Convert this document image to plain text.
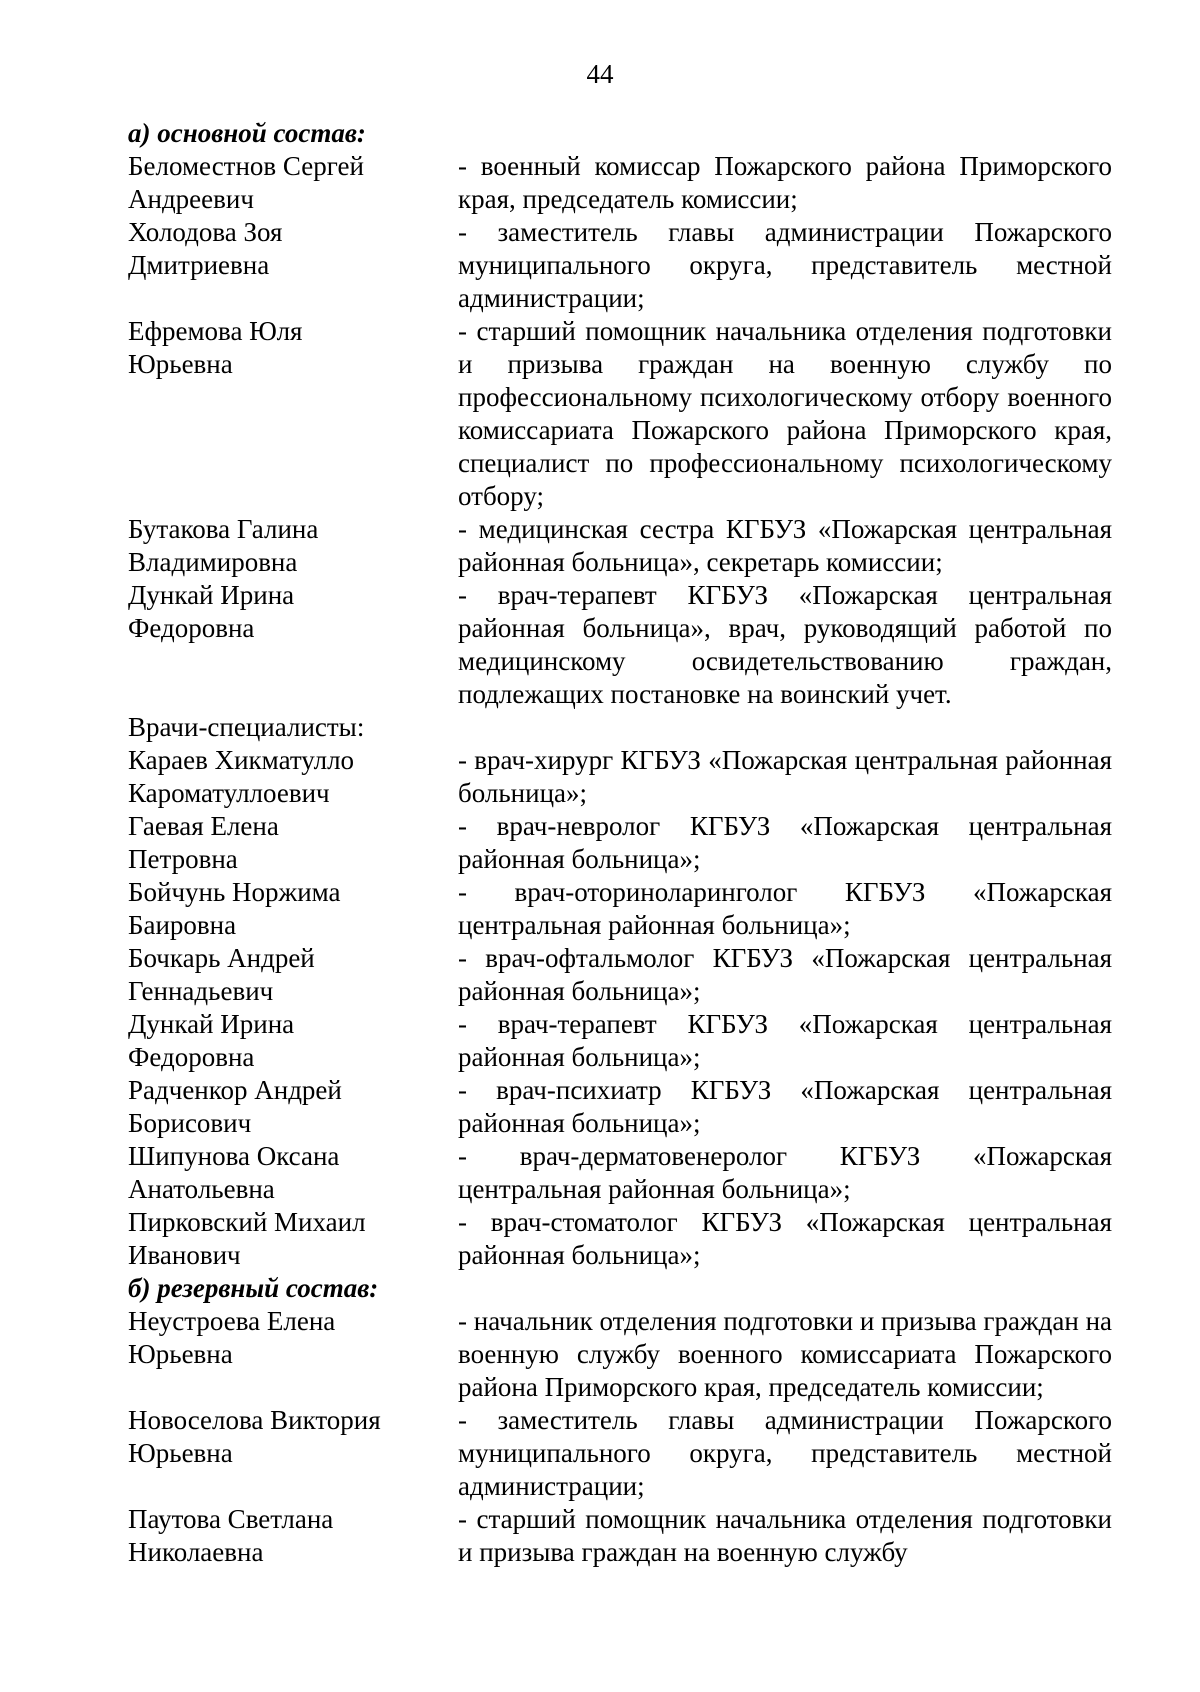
44
а) основной состав:
Беломестнов Сергей
Андреевич
- военный комиссар Пожарского района Приморского края, председатель комиссии;
Холодова Зоя
Дмитриевна
- заместитель главы администрации Пожарского муниципального округа, представитель местной администрации;
Ефремова Юля
Юрьевна
- старший помощник начальника отделения подготовки и призыва граждан на военную службу по профессиональному психологическому отбору военного комиссариата Пожарского района Приморского края, специалист по профессиональному психологическому отбору;
Бутакова Галина
Владимировна
- медицинская сестра КГБУЗ «Пожарская центральная районная больница», секретарь комиссии;
Дункай Ирина
Федоровна
- врач-терапевт КГБУЗ «Пожарская центральная районная больница», врач, руководящий работой по медицинскому освидетельствованию граждан, подлежащих постановке на воинский учет.
Врачи-специалисты:
Караев Хикматулло
Кароматуллоевич
- врач-хирург КГБУЗ «Пожарская центральная районная больница»;
Гаевая Елена
Петровна
- врач-невролог КГБУЗ «Пожарская центральная районная больница»;
Бойчунь Норжима
Баировна
- врач-оториноларинголог КГБУЗ «Пожарская центральная районная больница»;
Бочкарь Андрей
Геннадьевич
- врач-офтальмолог КГБУЗ «Пожарская центральная районная больница»;
Дункай Ирина
Федоровна
- врач-терапевт КГБУЗ «Пожарская центральная районная больница»;
Радченкор Андрей
Борисович
- врач-психиатр КГБУЗ «Пожарская центральная районная больница»;
Шипунова Оксана
Анатольевна
- врач-дерматовенеролог КГБУЗ «Пожарская центральная районная больница»;
Пирковский Михаил
Иванович
- врач-стоматолог КГБУЗ «Пожарская центральная районная больница»;
б) резервный состав:
Неустроева Елена
Юрьевна
- начальник отделения подготовки и призыва граждан на военную службу военного комиссариата Пожарского района Приморского края, председатель комиссии;
Новоселова Виктория
Юрьевна
- заместитель главы администрации Пожарского муниципального округа, представитель местной администрации;
Паутова Светлана
Николаевна
- старший помощник начальника отделения подготовки и призыва граждан на военную службу
